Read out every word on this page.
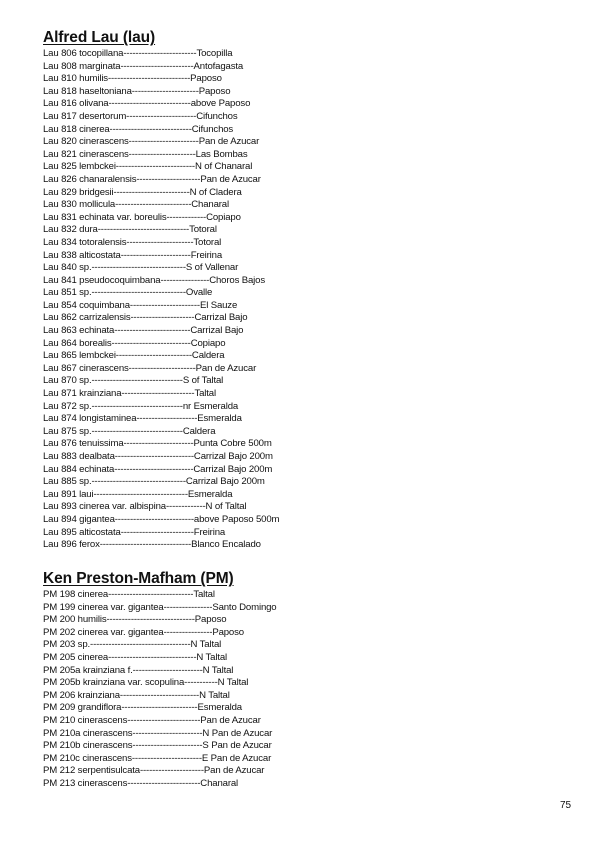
Alfred Lau (lau)
Lau 806 tocopillana------------------------Tocopilla
Lau 808 marginata------------------------Antofagasta
Lau 810 humilis---------------------------Paposo
Lau 818 haseltoniana----------------------Paposo
Lau 816 olivana---------------------------above Paposo
Lau 817 desertorum-----------------------Cifunchos
Lau 818 cinerea---------------------------Cifunchos
Lau 820 cinerascens-----------------------Pan de Azucar
Lau 821 cinerascens----------------------Las Bombas
Lau 825 lembckei--------------------------N of Chanaral
Lau 826 chanaralensis---------------------Pan de Azucar
Lau 829 bridgesii-------------------------N of Cladera
Lau 830 mollicula-------------------------Chanaral
Lau 831 echinata var. boreulis-------------Copiapo
Lau 832 dura------------------------------Totoral
Lau 834 totoralensis----------------------Totoral
Lau 838 alticostata-----------------------Freirina
Lau 840 sp.-------------------------------S of Vallenar
Lau 841 pseudocoquimbana----------------Choros Bajos
Lau 851 sp.-------------------------------Ovalle
Lau 854 coquimbana-----------------------El Sauze
Lau 862 carrizalensis---------------------Carrizal Bajo
Lau 863 echinata-------------------------Carrizal Bajo
Lau 864 borealis--------------------------Copiapo
Lau 865 lembckei-------------------------Caldera
Lau 867 cinerascens----------------------Pan de Azucar
Lau 870 sp.------------------------------S of Taltal
Lau 871 krainziana------------------------Taltal
Lau 872 sp.------------------------------nr Esmeralda
Lau 874 longistaminea--------------------Esmeralda
Lau 875 sp.------------------------------Caldera
Lau 876 tenuissima-----------------------Punta Cobre 500m
Lau 883 dealbata--------------------------Carrizal Bajo 200m
Lau 884 echinata--------------------------Carrizal Bajo 200m
Lau 885 sp.-------------------------------Carrizal Bajo 200m
Lau 891 laui-------------------------------Esmeralda
Lau 893 cinerea var. albispina-------------N of Taltal
Lau 894 gigantea--------------------------above Paposo 500m
Lau 895 alticostata------------------------Freirina
Lau 896 ferox------------------------------Blanco Encalado
Ken Preston-Mafham (PM)
PM 198 cinerea----------------------------Taltal
PM 199 cinerea var. gigantea----------------Santo Domingo
PM 200 humilis-----------------------------Paposo
PM 202 cinerea var. gigantea----------------Paposo
PM 203 sp.---------------------------------N Taltal
PM 205 cinerea-----------------------------N Taltal
PM 205a krainziana f.-----------------------N Taltal
PM 205b krainziana var. scopulina-----------N Taltal
PM 206 krainziana--------------------------N Taltal
PM 209 grandiflora-------------------------Esmeralda
PM 210 cinerascens------------------------Pan de Azucar
PM 210a cinerascens-----------------------N Pan de Azucar
PM 210b cinerascens-----------------------S Pan de Azucar
PM 210c cinerascens-----------------------E Pan de Azucar
PM 212 serpentisulcata---------------------Pan de Azucar
PM 213 cinerascens------------------------Chanaral
75
